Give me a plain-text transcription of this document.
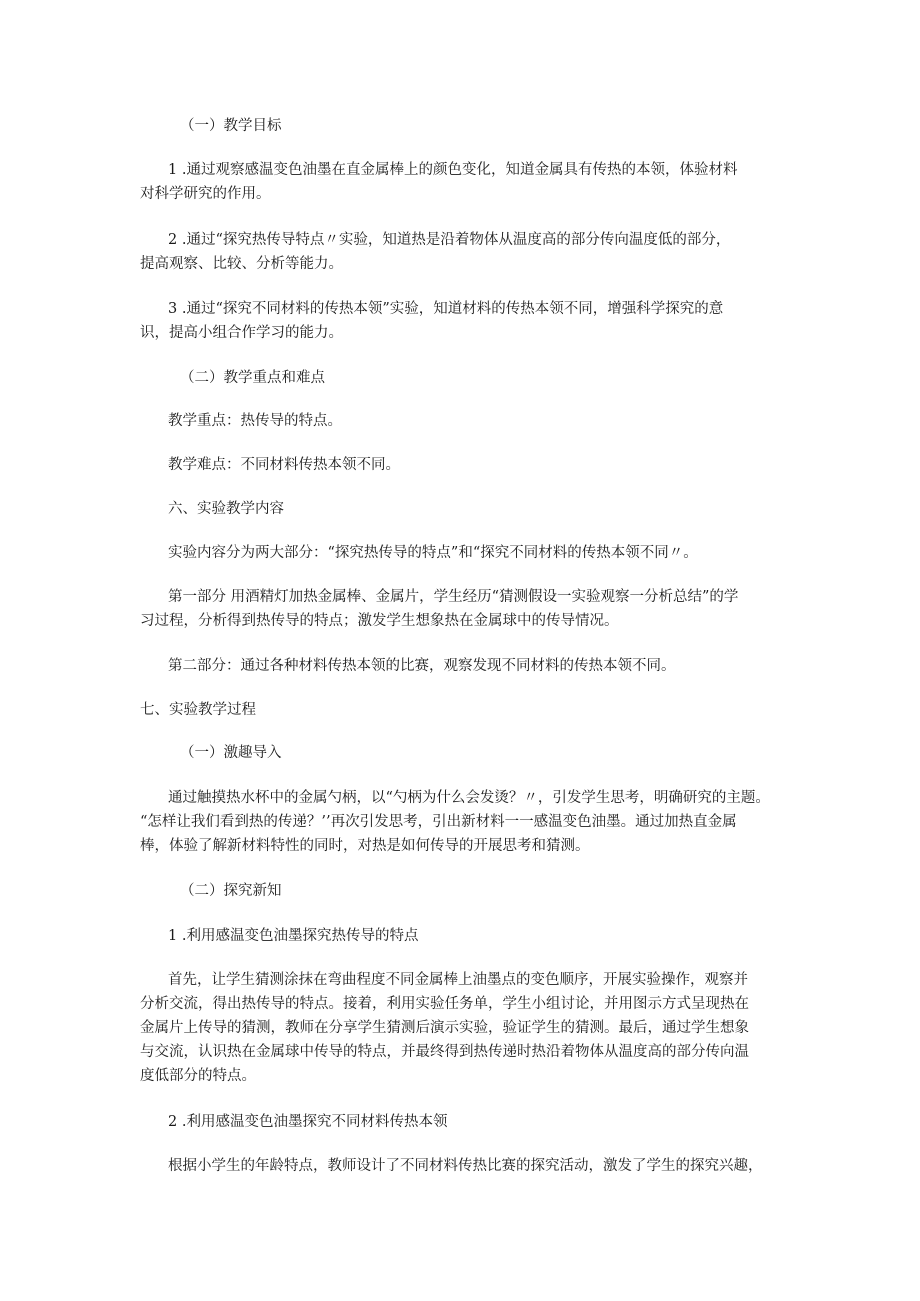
（一）教学目标

1 .通过观察感温变色油墨在直金属棒上的颜色变化，知道金属具有传热的本领，体验材料

对科学研究的作用。

2 .通过“探究热传导特点〃实验，知道热是沿着物体从温度高的部分传向温度低的部分，

提高观察、比较、分析等能力。

3 .通过“探究不同材料的传热本领”实验，知道材料的传热本领不同，增强科学探究的意

识，提高小组合作学习的能力。

（二）教学重点和难点

教学重点：热传导的特点。

教学难点：不同材料传热本领不同。

六、实验教学内容

实验内容分为两大部分：“探究热传导的特点”和“探究不同材料的传热本领不同〃。

第一部分 用酒精灯加热金属棒、金属片，学生经历“猜测假设一实验观察一分析总结”的学

习过程，分析得到热传导的特点；激发学生想象热在金属球中的传导情况。

第二部分：通过各种材料传热本领的比赛，观察发现不同材料的传热本领不同。

七、实验教学过程

（一）激趣导入

通过触摸热水杯中的金属勺柄，以“勺柄为什么会发烫？〃，引发学生思考，明确研究的主题。

“怎样让我们看到热的传递？’’再次引发思考，引出新材料一一感温变色油墨。通过加热直金属

棒，体验了解新材料特性的同时，对热是如何传导的开展思考和猜测。

（二）探究新知

1 .利用感温变色油墨探究热传导的特点

首先，让学生猜测涂抹在弯曲程度不同金属棒上油墨点的变色顺序，开展实验操作，观察并

分析交流，得出热传导的特点。接着，利用实验任务单，学生小组讨论，并用图示方式呈现热在

金属片上传导的猜测，教师在分享学生猜测后演示实验，验证学生的猜测。最后，通过学生想象

与交流，认识热在金属球中传导的特点，并最终得到热传递时热沿着物体从温度高的部分传向温

度低部分的特点。

2 .利用感温变色油墨探究不同材料传热本领

根据小学生的年龄特点，教师设计了不同材料传热比赛的探究活动，激发了学生的探究兴趣，
